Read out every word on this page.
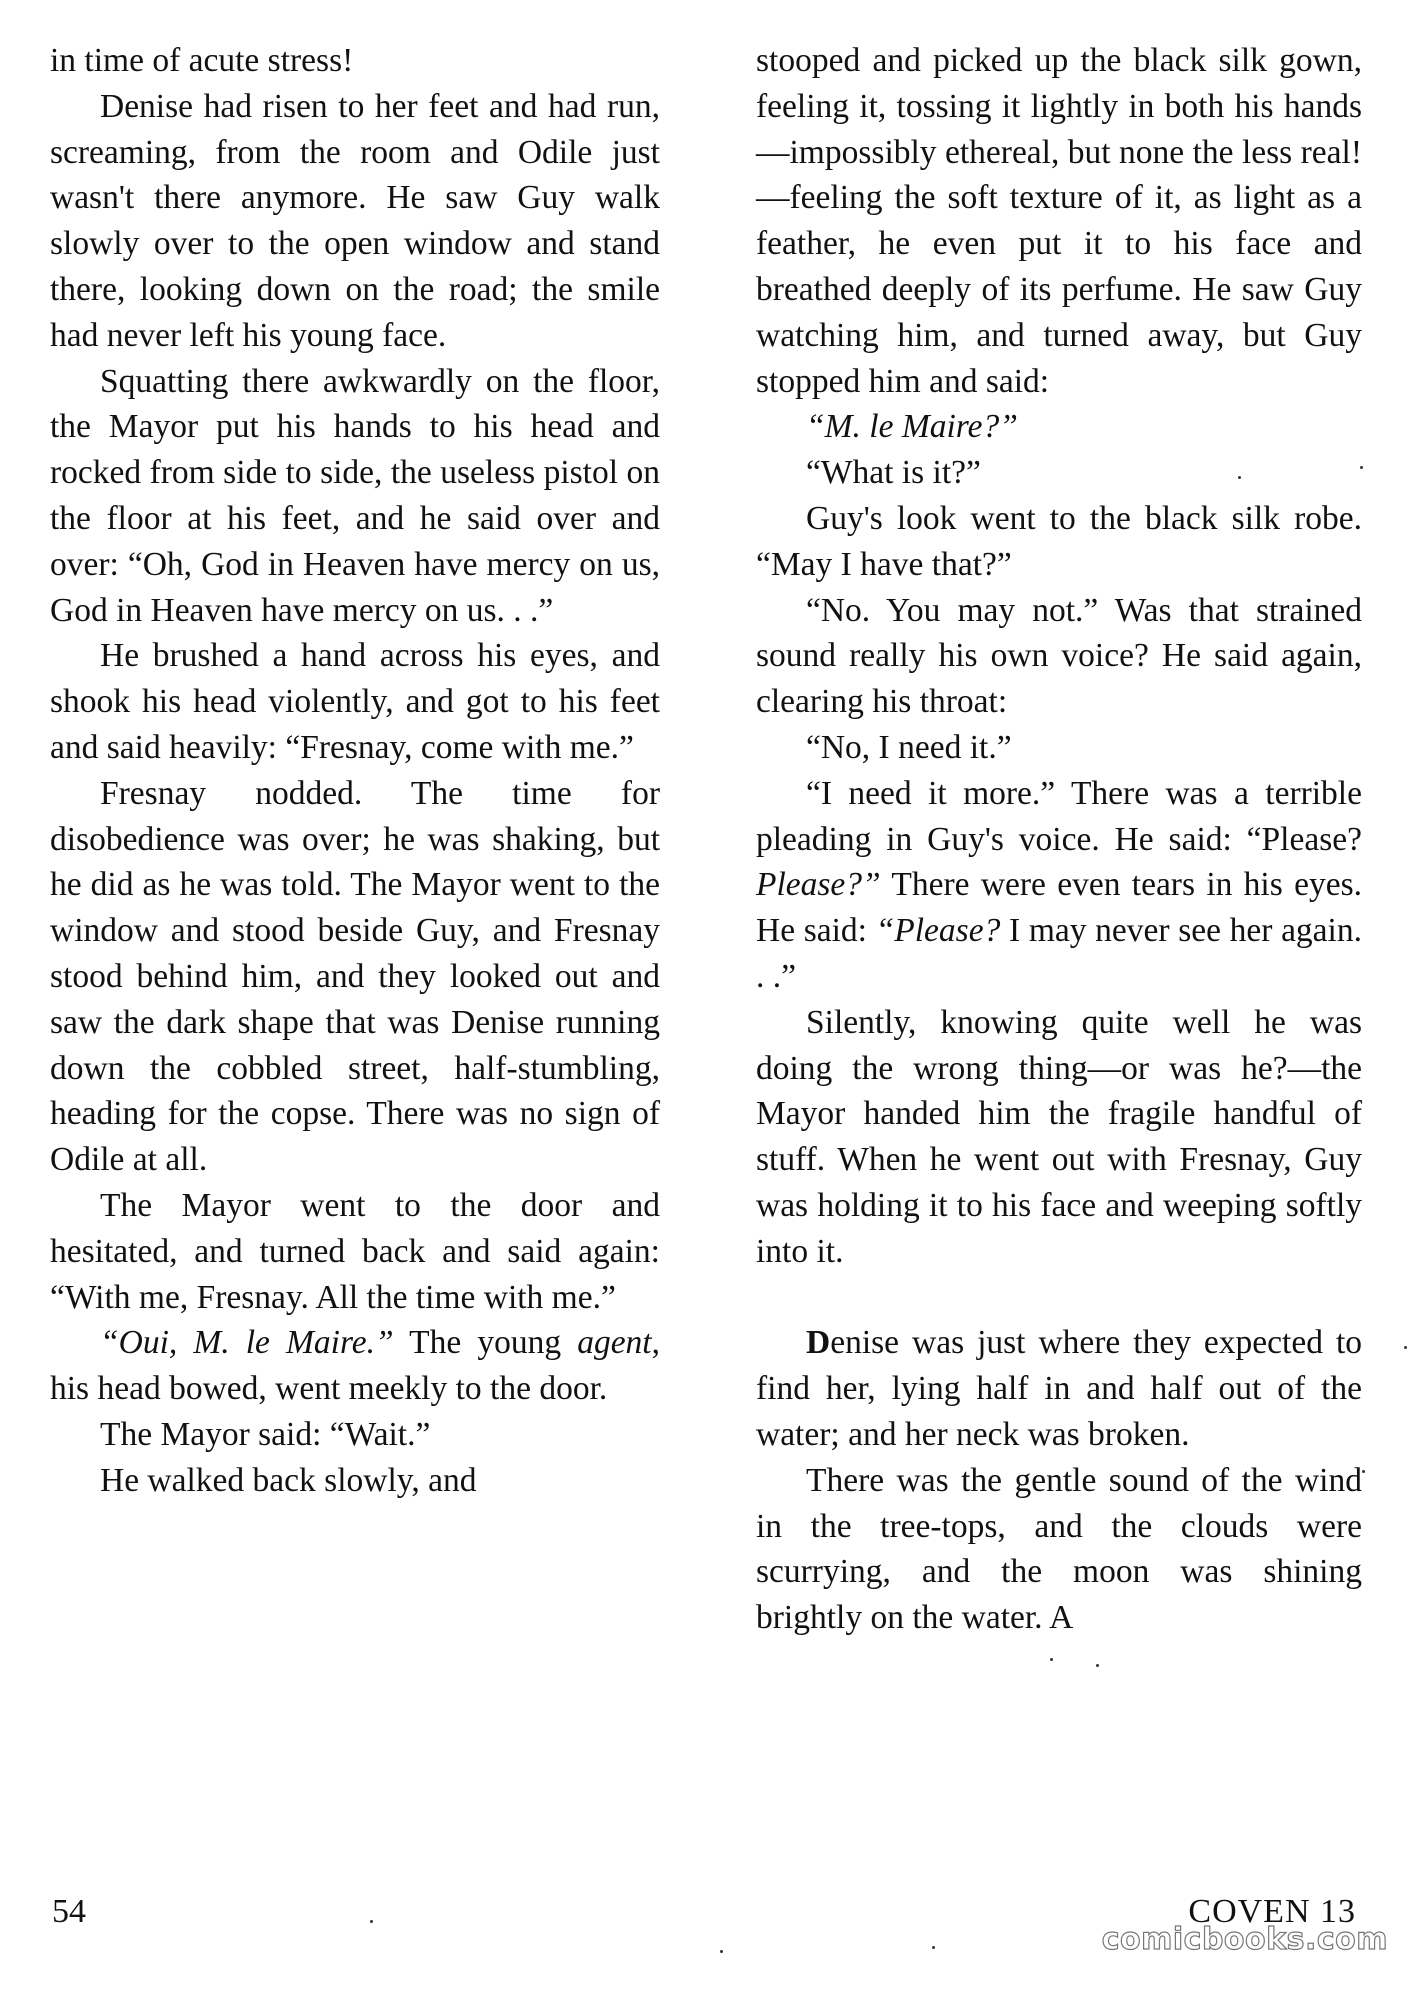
in time of acute stress!

Denise had risen to her feet and had run, screaming, from the room and Odile just wasn't there anymore. He saw Guy walk slowly over to the open window and stand there, looking down on the road; the smile had never left his young face.

Squatting there awkwardly on the floor, the Mayor put his hands to his head and rocked from side to side, the useless pistol on the floor at his feet, and he said over and over: “Oh, God in Heaven have mercy on us, God in Heaven have mercy on us. . .”

He brushed a hand across his eyes, and shook his head violently, and got to his feet and said heavily: “Fresnay, come with me.”

Fresnay nodded. The time for disobedience was over; he was shaking, but he did as he was told. The Mayor went to the window and stood beside Guy, and Fresnay stood behind him, and they looked out and saw the dark shape that was Denise running down the cobbled street, half-stumbling, heading for the copse. There was no sign of Odile at all.

The Mayor went to the door and hesitated, and turned back and said again: “With me, Fresnay. All the time with me.”

“Oui, M. le Maire.” The young agent, his head bowed, went meekly to the door.

The Mayor said: “Wait.”

He walked back slowly, and

stooped and picked up the black silk gown, feeling it, tossing it lightly in both his hands—impossibly ethereal, but none the less real!—feeling the soft texture of it, as light as a feather, he even put it to his face and breathed deeply of its perfume. He saw Guy watching him, and turned away, but Guy stopped him and said:

“M. le Maire?”

“What is it?”

Guy's look went to the black silk robe. “May I have that?”

“No. You may not.” Was that strained sound really his own voice? He said again, clearing his throat:

“No, I need it.”

“I need it more.” There was a terrible pleading in Guy's voice. He said: “Please? Please?” There were even tears in his eyes. He said: “Please? I may never see her again. . .”

Silently, knowing quite well he was doing the wrong thing—or was he?—the Mayor handed him the fragile handful of stuff. When he went out with Fresnay, Guy was holding it to his face and weeping softly into it.

Denise was just where they expected to find her, lying half in and half out of the water; and her neck was broken.

There was the gentle sound of the wind in the tree-tops, and the clouds were scurrying, and the moon was shining brightly on the water. A

54	COVEN 13
comicbooks.com
